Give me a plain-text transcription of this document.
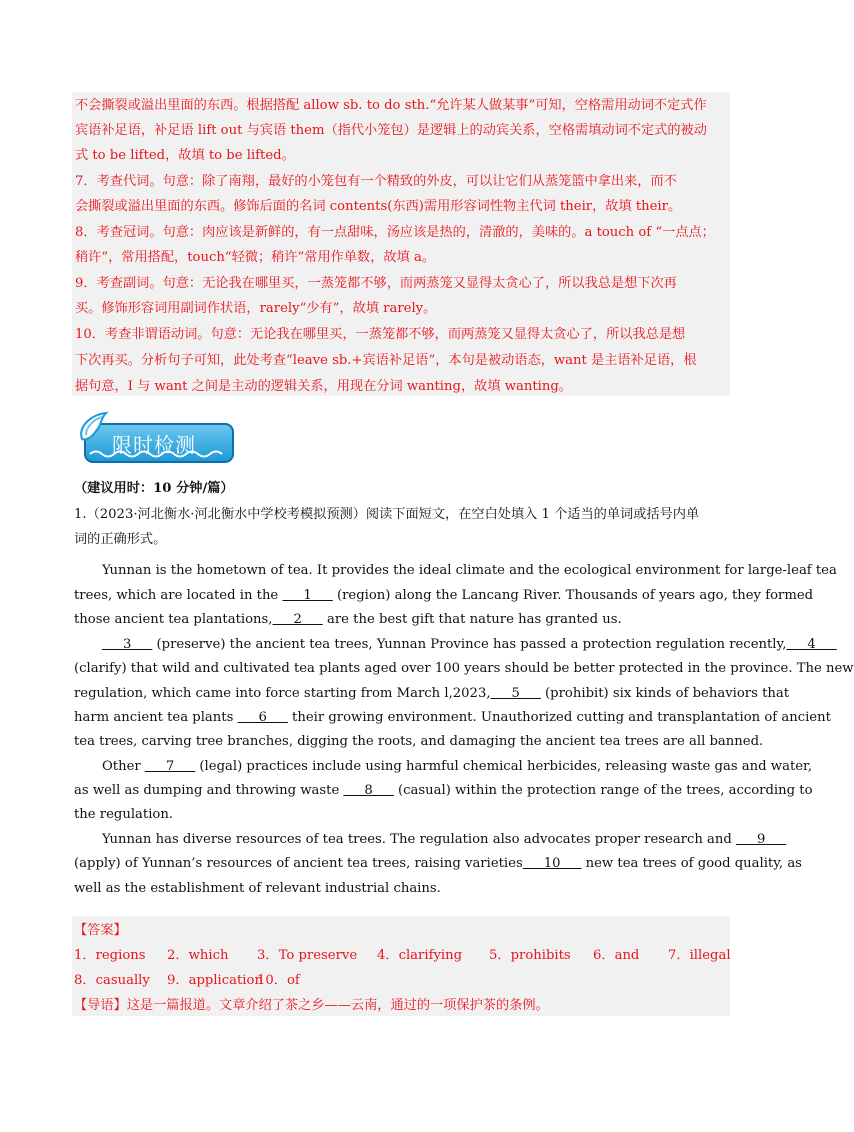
不会撕裂或溢出里面的东西。根据搭配 allow sb. to do sth.“允许某人做某事”可知，空格需用动词不定式作
宾语补足语，补足语 lift out 与宾语 them（指代小笼包）是逻辑上的动宾关系，空格需填动词不定式的被动
式 to be lifted，故填 to be lifted。
7．考查代词。句意：除了南翔，最好的小笼包有一个精致的外皮，可以让它们从蒸笼篮中拿出来，而不
会撕裂或溢出里面的东西。修饰后面的名词 contents(东西)需用形容词性物主代词 their，故填 their。
8．考查冠词。句意：肉应该是新鲜的，有一点甜味，汤应该是热的，清澈的，美味的。a touch of “一点点；
稍许”，常用搭配，touch“轻微；稍许”常用作单数，故填 a。
9．考查副词。句意：无论我在哪里买，一蒸笼都不够，而两蒸笼又显得太贪心了，所以我总是想下次再
买。修饰形容词用副词作状语，rarely“少有”，故填 rarely。
10．考查非谓语动词。句意：无论我在哪里买，一蒸笼都不够，而两蒸笼又显得太贪心了，所以我总是想
下次再买。分析句子可知，此处考查“leave sb.+宾语补足语”，本句是被动语态，want 是主语补足语，根
据句意，I 与 want 之间是主动的逻辑关系，用现在分词 wanting，故填 wanting。
限时检测
（建议用时：10 分钟/篇）
1.（2023·河北衡水·河北衡水中学校考模拟预测）阅读下面短文，在空白处填入 1 个适当的单词或括号内单
词的正确形式。
Yunnan is the hometown of tea. It provides the ideal climate and the ecological environment for large-leaf tea
trees, which are located in the      1      (region) along the Lancang River. Thousands of years ago, they formed
those ancient tea plantations,     2      are the best gift that nature has granted us.
3      (preserve) the ancient tea trees, Yunnan Province has passed a protection regulation recently,     4
(clarify) that wild and cultivated tea plants aged over 100 years should be better protected in the province. The new
regulation, which came into force starting from March l,2023,     5      (prohibit) six kinds of behaviors that
harm ancient tea plants      6      their growing environment. Unauthorized cutting and transplantation of ancient
tea trees, carving tree branches, digging the roots, and damaging the ancient tea trees are all banned.
Other      7      (legal) practices include using harmful chemical herbicides, releasing waste gas and water,
as well as dumping and throwing waste      8      (casual) within the protection range of the trees, according to
the regulation.
Yunnan has diverse resources of tea trees. The regulation also advocates proper research and      9
(apply) of Yunnan’s resources of ancient tea trees, raising varieties     10      new tea trees of good quality, as
well as the establishment of relevant industrial chains.
【答案】
1．regions 2．which 3．To preserve 4．clarifying 5．prohibits 6．and 7．illegal
8．casually 9．application
10．of
【导语】这是一篇报道。文章介绍了茶之乡——云南，通过的一项保护茶的条例。
